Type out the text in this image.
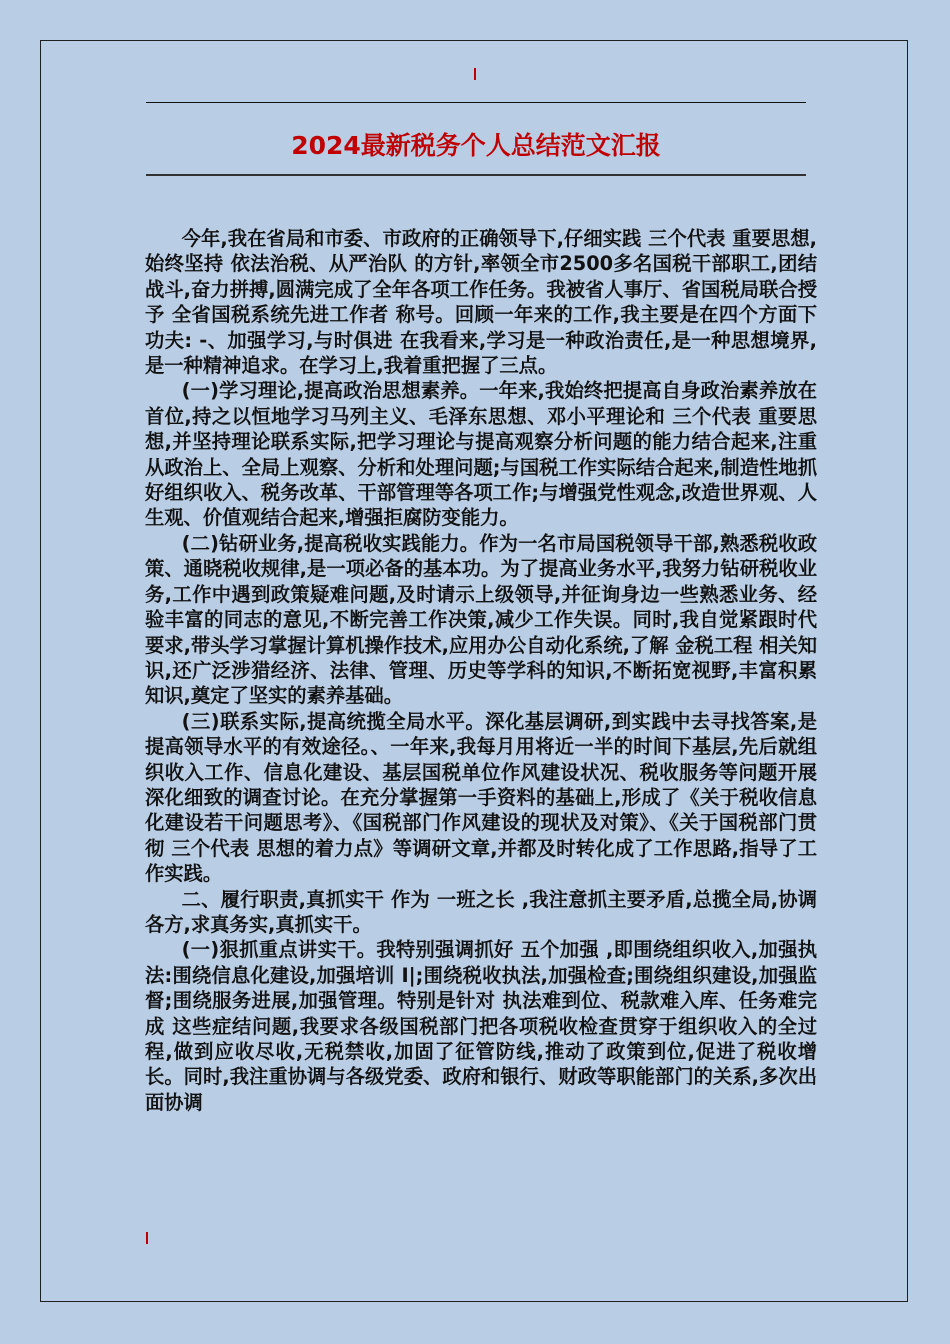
2024最新税务个人总结范文汇报

今年,我在省局和市委、市政府的正确领导下,仔细实践 三个代表 重要思想,始终坚持 依法治税、从严治队 的方针,率领全市2500多名国税干部职工,团结战斗,奋力拼搏,圆满完成了全年各项工作任务。我被省人事厅、省国税局联合授予 全省国税系统先进工作者 称号。回顾一年来的工作,我主要是在四个方面下功夫: -、加强学习,与时俱进 在我看来,学习是一种政治责任,是一种思想境界,是一种精神追求。在学习上,我着重把握了三点。

(一)学习理论,提高政治思想素养。一年来,我始终把提高自身政治素养放在首位,持之以恒地学习马列主义、毛泽东思想、邓小平理论和 三个代表 重要思想,并坚持理论联系实际,把学习理论与提高观察分析问题的能力结合起来,注重从政治上、全局上观察、分析和处理问题;与国税工作实际结合起来,制造性地抓好组织收入、税务改革、干部管理等各项工作;与增强党性观念,改造世界观、人生观、价值观结合起来,增强拒腐防变能力。

(二)钻研业务,提高税收实践能力。作为一名市局国税领导干部,熟悉税收政策、通晓税收规律,是一项必备的基本功。为了提高业务水平,我努力钻研税收业务,工作中遇到政策疑难问题,及时请示上级领导,并征询身边一些熟悉业务、经验丰富的同志的意见,不断完善工作决策,减少工作失误。同时,我自觉紧跟时代要求,带头学习掌握计算机操作技术,应用办公自动化系统,了解 金税工程 相关知识,还广泛涉猎经济、法律、管理、历史等学科的知识,不断拓宽视野,丰富积累知识,奠定了坚实的素养基础。

(三)联系实际,提高统揽全局水平。深化基层调研,到实践中去寻找答案,是提高领导水平的有效途径。、一年来,我每月用将近一半的时间下基层,先后就组织收入工作、信息化建设、基层国税单位作风建设状况、税收服务等问题开展深化细致的调查讨论。在充分掌握第一手资料的基础上,形成了《关于税收信息化建设若干问题思考》、《国税部门作风建设的现状及对策》、《关于国税部门贯彻 三个代表 思想的着力点》等调研文章,并都及时转化成了工作思路,指导了工作实践。

二、履行职责,真抓实干 作为 一班之长 ,我注意抓主要矛盾,总揽全局,协调各方,求真务实,真抓实干。

(一)狠抓重点讲实干。我特别强调抓好 五个加强 ,即围绕组织收入,加强执法:围绕信息化建设,加强培训 I|;围绕税收执法,加强检查;围绕组织建设,加强监督;围绕服务进展,加强管理。特别是针对 执法难到位、税款难入库、任务难完成 这些症结问题,我要求各级国税部门把各项税收检查贯穿于组织收入的全过程,做到应收尽收,无税禁收,加固了征管防线,推动了政策到位,促进了税收增长。同时,我注重协调与各级党委、政府和银行、财政等职能部门的关系,多次出面协调
